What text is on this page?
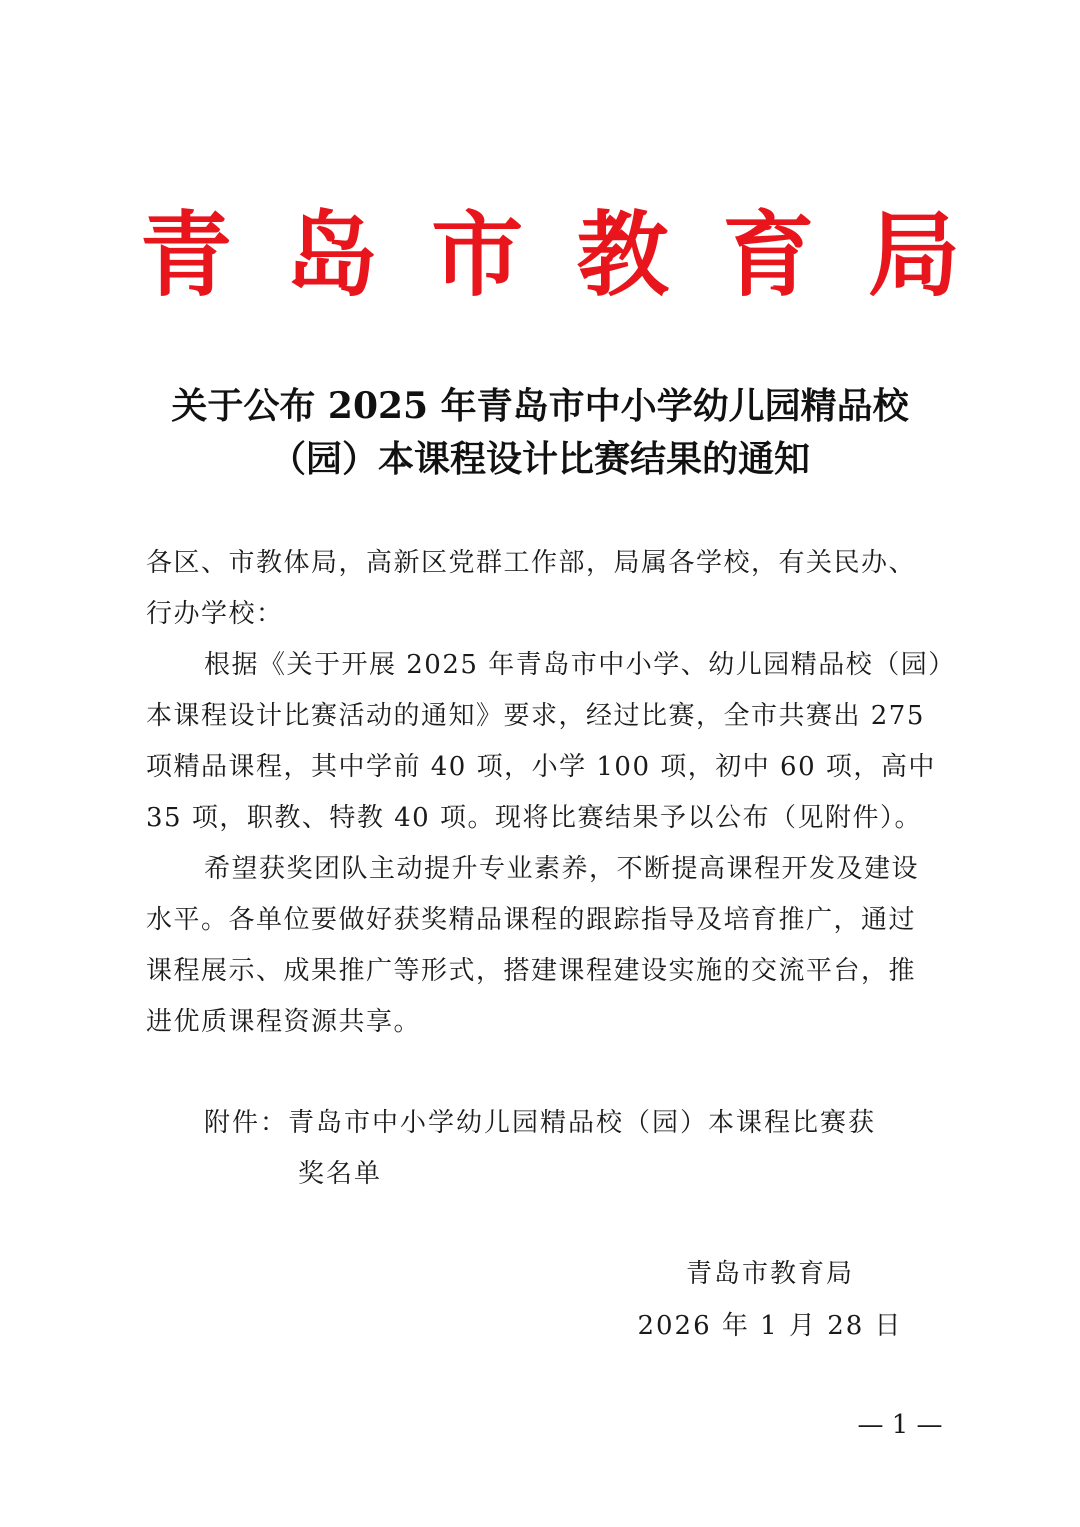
青 岛 市 教 育 局
关于公布 2025 年青岛市中小学幼儿园精品校
（园）本课程设计比赛结果的通知

各区、市教体局，高新区党群工作部，局属各学校，有关民办、

行办学校：

根据《关于开展 2025 年青岛市中小学、幼儿园精品校（园）

本课程设计比赛活动的通知》要求，经过比赛，全市共赛出 275

项精品课程，其中学前 40 项，小学 100 项，初中 60 项，高中

35 项，职教、特教 40 项。现将比赛结果予以公布（见附件）。

希望获奖团队主动提升专业素养，不断提高课程开发及建设

水平。各单位要做好获奖精品课程的跟踪指导及培育推广，通过

课程展示、成果推广等形式，搭建课程建设实施的交流平台，推

进优质课程资源共享。

附件：青岛市中小学幼儿园精品校（园）本课程比赛获
奖名单
青岛市教育局
2026 年 1 月 28 日
— 1 —
